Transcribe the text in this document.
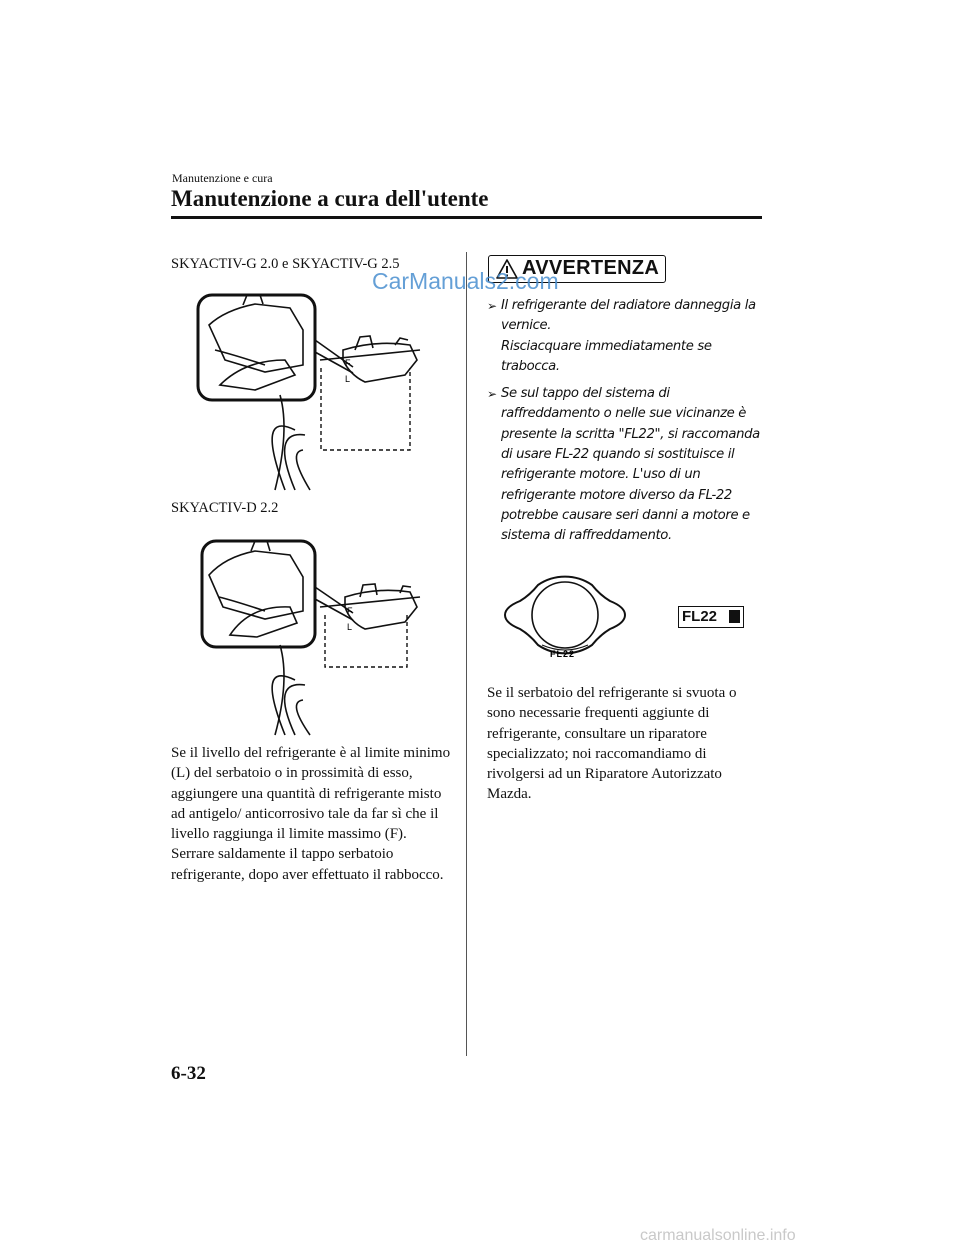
Manutenzione e cura
Manutenzione a cura dell'utente
SKYACTIV-G 2.0 e SKYACTIV-G 2.5
F
L
SKYACTIV-D 2.2
F
L

Se il livello del refrigerante è al limite minimo (L) del serbatoio o in prossimità di esso, aggiungere una quantità di refrigerante misto ad antigelo/ anticorrosivo tale da far sì che il livello raggiunga il limite massimo (F).

Serrare saldamente il tappo serbatoio refrigerante, dopo aver effettuato il rabbocco.

AVVERTENZA
CarManuals2.com
➢ Il refrigerante del radiatore danneggia la vernice.

Risciacquare immediatamente se trabocca.

➢ Se sul tappo del sistema di raffreddamento o nelle sue vicinanze è presente la scritta "FL22", si raccomanda di usare FL-22 quando si sostituisce il refrigerante motore. L'uso di un refrigerante motore diverso da FL-22 potrebbe causare seri danni a motore e sistema di raffreddamento.

FL22
FL22
Se il serbatoio del refrigerante si svuota o sono necessarie frequenti aggiunte di refrigerante, consultare un riparatore specializzato; noi raccomandiamo di rivolgersi ad un Riparatore Autorizzato Mazda.
6-32
carmanualsonline.info
